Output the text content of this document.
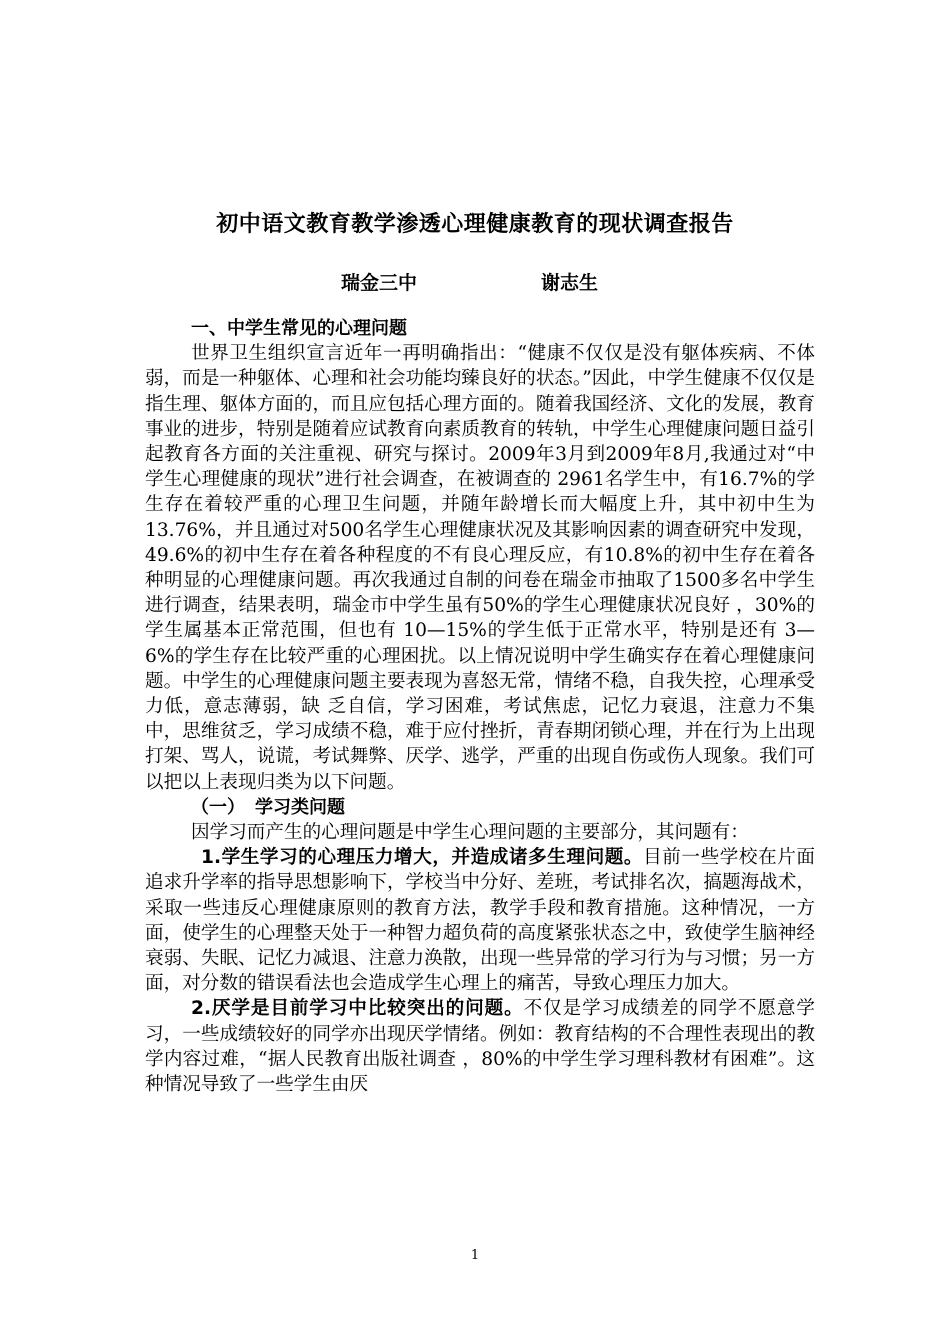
初中语文教育教学渗透心理健康教育的现状调查报告
瑞金三中	谢志生

一、中学生常见的心理问题

世界卫生组织宣言近年一再明确指出：“健康不仅仅是没有躯体疾病、不体弱，而是一种躯体、心理和社会功能均臻良好的状态。”因此，中学生健康不仅仅是指生理、躯体方面的，而且应包括心理方面的。随着我国经济、文化的发展，教育事业的进步，特别是随着应试教育向素质教育的转轨，中学生心理健康问题日益引起教育各方面的关注重视、研究与探讨。2009年3月到2009年8月,我通过对“中学生心理健康的现状”进行社会调查，在被调查的 2961名学生中，有16.7%的学生存在着较严重的心理卫生问题，并随年龄增长而大幅度上升，其中初中生为13.76%，并且通过对500名学生心理健康状况及其影响因素的调查研究中发现，49.6%的初中生存在着各种程度的不有良心理反应，有10.8%的初中生存在着各种明显的心理健康问题。再次我通过自制的问卷在瑞金市抽取了1500多名中学生进行调查，结果表明，瑞金市中学生虽有50%的学生心理健康状况良好 ，30%的学生属基本正常范围，但也有 10—15%的学生低于正常水平，特别是还有 3—6%的学生存在比较严重的心理困扰。以上情况说明中学生确实存在着心理健康问题。中学生的心理健康问题主要表现为喜怒无常，情绪不稳，自我失控，心理承受力低，意志薄弱，缺 乏自信，学习困难，考试焦虑，记忆力衰退，注意力不集中，思维贫乏，学习成绩不稳，难于应付挫折，青春期闭锁心理，并在行为上出现打架、骂人，说谎，考试舞弊、厌学、逃学，严重的出现自伤或伤人现象。我们可以把以上表现归类为以下问题。

（一） 学习类问题

因学习而产生的心理问题是中学生心理问题的主要部分，其问题有：

1.学生学习的心理压力增大，并造成诸多生理问题。目前一些学校在片面追求升学率的指导思想影响下，学校当中分好、差班，考试排名次，搞题海战术，采取一些违反心理健康原则的教育方法，教学手段和教育措施。这种情况，一方面，使学生的心理整天处于一种智力超负荷的高度紧张状态之中，致使学生脑神经衰弱、失眠、记忆力减退、注意力涣散，出现一些异常的学习行为与习惯；另一方面，对分数的错误看法也会造成学生心理上的痛苦，导致心理压力加大。

2.厌学是目前学习中比较突出的问题。不仅是学习成绩差的同学不愿意学习，一些成绩较好的同学亦出现厌学情绪。例如：教育结构的不合理性表现出的教学内容过难，“据人民教育出版社调查 ，80%的中学生学习理科教材有困难”。这种情况导致了一些学生由厌

1
